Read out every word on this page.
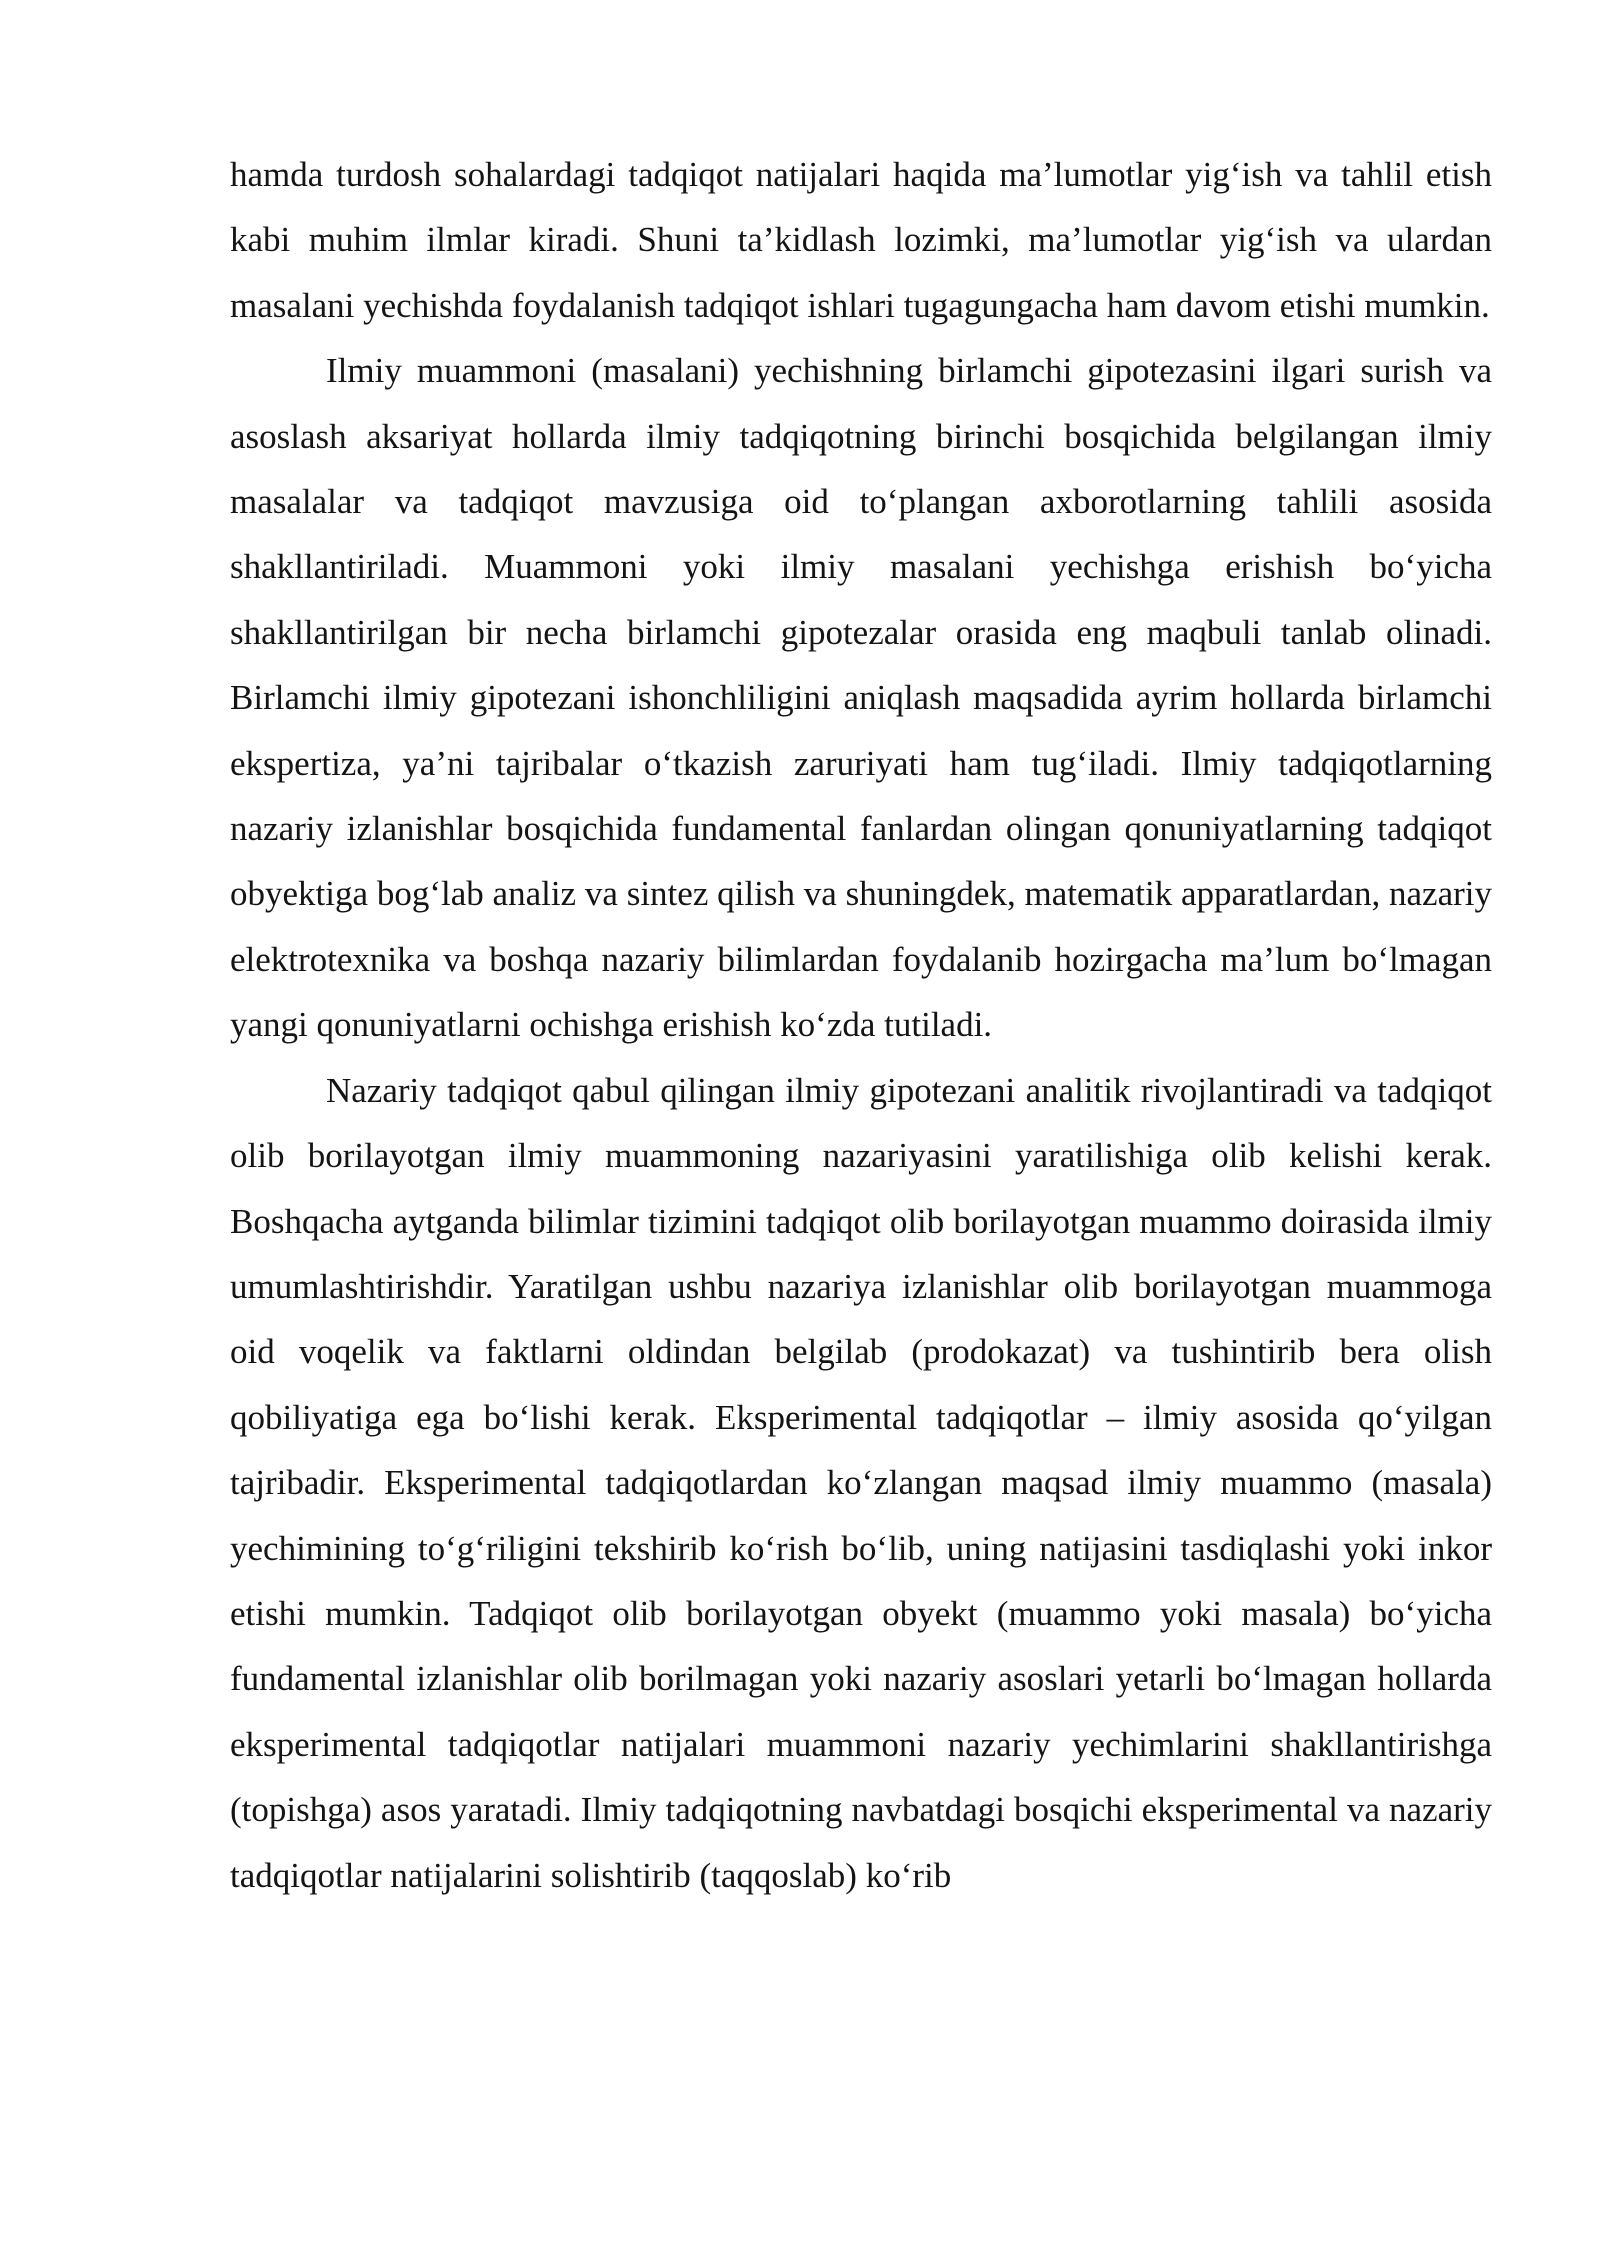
hamda turdosh sohalardagi tadqiqot natijalari haqida ma’lumotlar yig‘ish va tahlil etish kabi muhim ilmlar kiradi. Shuni ta’kidlash lozimki, ma’lumotlar yig‘ish va ulardan masalani yechishda foydalanish tadqiqot ishlari tugagungacha ham davom etishi mumkin.

Ilmiy muammoni (masalani) yechishning birlamchi gipotezasini ilgari surish va asoslash aksariyat hollarda ilmiy tadqiqotning birinchi bosqichida belgilangan ilmiy masalalar va tadqiqot mavzusiga oid to‘plangan axborotlarning tahlili asosida shakllantiriladi. Muammoni yoki ilmiy masalani yechishga erishish bo‘yicha shakllantirilgan bir necha birlamchi gipotezalar orasida eng maqbuli tanlab olinadi. Birlamchi ilmiy gipotezani ishonchliligini aniqlash maqsadida ayrim hollarda birlamchi ekspertiza, ya’ni tajribalar o‘tkazish zaruriyati ham tug‘iladi. Ilmiy tadqiqotlarning nazariy izlanishlar bosqichida fundamental fanlardan olingan qonuniyatlarning tadqiqot obyektiga bog‘lab analiz va sintez qilish va shuningdek, matematik apparatlardan, nazariy elektrotexnika va boshqa nazariy bilimlardan foydalanib hozirgacha ma’lum bo‘lmagan yangi qonuniyatlarni ochishga erishish ko‘zda tutiladi.

Nazariy tadqiqot qabul qilingan ilmiy gipotezani analitik rivojlantiradi va tadqiqot olib borilayotgan ilmiy muammoning nazariyasini yaratilishiga olib kelishi kerak. Boshqacha aytganda bilimlar tizimini tadqiqot olib borilayotgan muammo doirasida ilmiy umumlashtirishdir. Yaratilgan ushbu nazariya izlanishlar olib borilayotgan muammoga oid voqelik va faktlarni oldindan belgilab (prodokazat) va tushintirib bera olish qobiliyatiga ega bo‘lishi kerak. Eksperimental tadqiqotlar – ilmiy asosida qo‘yilgan tajribadir. Eksperimental tadqiqotlardan ko‘zlangan maqsad ilmiy muammo (masala) yechimining to‘g‘riligini tekshirib ko‘rish bo‘lib, uning natijasini tasdiqlashi yoki inkor etishi mumkin. Tadqiqot olib borilayotgan obyekt (muammo yoki masala) bo‘yicha fundamental izlanishlar olib borilmagan yoki nazariy asoslari yetarli bo‘lmagan hollarda eksperimental tadqiqotlar natijalari muammoni nazariy yechimlarini shakllantirishga (topishga) asos yaratadi. Ilmiy tadqiqotning navbatdagi bosqichi eksperimental va nazariy tadqiqotlar natijalarini solishtirib (taqqoslab) ko‘rib
